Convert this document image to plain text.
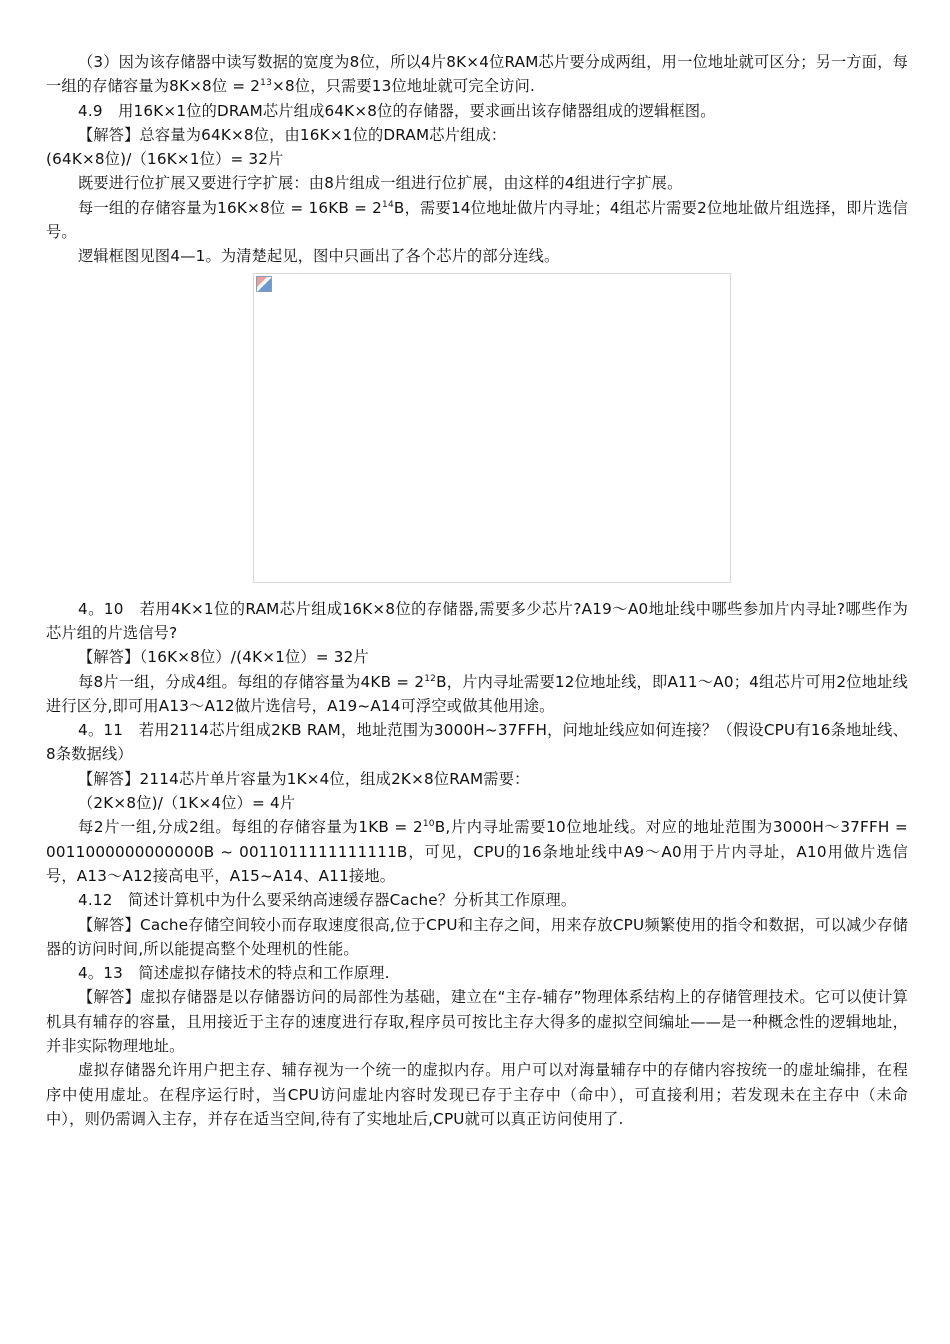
（3）因为该存储器中读写数据的宽度为8位，所以4片8K×4位RAM芯片要分成两组，用一位地址就可区分；另一方面，每一组的存储容量为8K×8位 = $2^{13}\times 8$位，只需要13位地址就可完全访问.

4.9　用16K×1位的DRAM芯片组成64K×8位的存储器，要求画出该存储器组成的逻辑框图。

【解答】总容量为64K×8位，由16K×1位的DRAM芯片组成：

(64K×8位)/（16K×1位）= 32片

既要进行位扩展又要进行字扩展：由8片组成一组进行位扩展，由这样的4组进行字扩展。

每一组的存储容量为16K×8位 = $16KB = 2^{14}B$，需要14位地址做片内寻址；4组芯片需要2位地址做片组选择，即片选信号。

逻辑框图见图4—1。为清楚起见，图中只画出了各个芯片的部分连线。

4。10　若用4K×1位的RAM芯片组成16K×8位的存储器,需要多少芯片?A19～A0地址线中哪些参加片内寻址?哪些作为芯片组的片选信号?

【解答】（16K×8位）/(4K×1位）= 32片

每8片一组，分成4组。每组的存储容量为$4KB = 2^{12}B$，片内寻址需要12位地址线，即A11～A0；4组芯片可用2位地址线进行区分,即可用A13～A12做片选信号，A19~A14可浮空或做其他用途。

4。11　若用2114芯片组成2KB RAM，地址范围为3000H~37FFH，问地址线应如何连接？（假设CPU有16条地址线、8条数据线）

【解答】2114芯片单片容量为1K×4位，组成2K×8位RAM需要：

（2K×8位)/（1K×4位）= 4片

每2片一组,分成2组。每组的存储容量为$1KB = 2^{10}B$,片内寻址需要10位地址线。对应的地址范围为3000H～37FFH = 0011000000000000B ~ 0011011111111111B，可见，CPU的16条地址线中A9～A0用于片内寻址，A10用做片选信号，A13～A12接高电平，A15~A14、A11接地。

4.12　简述计算机中为什么要采纳高速缓存器Cache？分析其工作原理。

【解答】Cache存储空间较小而存取速度很高,位于CPU和主存之间，用来存放CPU频繁使用的指令和数据，可以减少存储器的访问时间,所以能提高整个处理机的性能。

4。13　简述虚拟存储技术的特点和工作原理.

【解答】虚拟存储器是以存储器访问的局部性为基础，建立在“主存-辅存”物理体系结构上的存储管理技术。它可以使计算机具有辅存的容量，且用接近于主存的速度进行存取,程序员可按比主存大得多的虚拟空间编址——是一种概念性的逻辑地址，并非实际物理地址。

虚拟存储器允许用户把主存、辅存视为一个统一的虚拟内存。用户可以对海量辅存中的存储内容按统一的虚址编排，在程序中使用虚址。在程序运行时，当CPU访问虚址内容时发现已存于主存中（命中），可直接利用；若发现未在主存中（未命中），则仍需调入主存，并存在适当空间,待有了实地址后,CPU就可以真正访问使用了.
